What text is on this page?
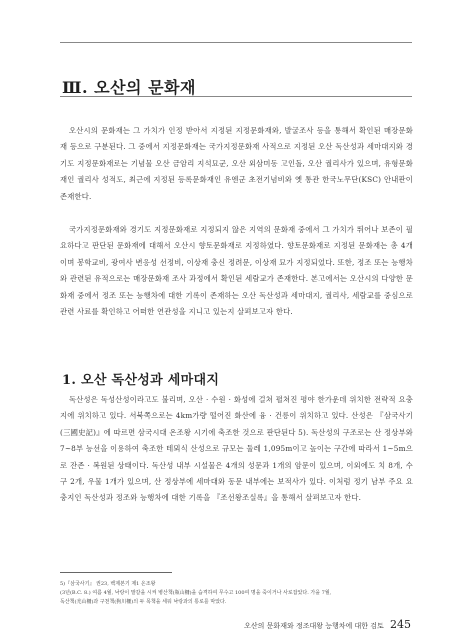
Ⅲ. 오산의 문화재

오산시의 문화재는 그 가치가 인정 받아서 지정된 지정문화재와, 발굴조사 등을 통해서 확인된 매장문화재 등으로 구분된다. 그 중에서 지정문화재는 국가지정문화재 사적으로 지정된 오산 독산성과 세마대지와 경기도 지정문화재로는 기념물 오산 금암리 지석묘군, 오산 외삼미동 고인돌, 오산 궐리사가 있으며, 유형문화재인 궐리사 성적도, 최근에 지정된 등록문화재인 유엔군 초전기념비와 옛 통관 한국노무단(KSC) 안내판이 존재한다.

국가지정문화재와 경기도 지정문화재로 지정되지 않은 지역의 문화재 중에서 그 가치가 뛰어나 보존이 필요하다고 판단된 문화재에 대해서 오산시 향토문화재로 지정하였다. 향토문화재로 지정된 문화재는 총 4개이며 봉학교비, 광여사 변응성 선정비, 이상재 충신 정려문, 이상재 묘가 지정되었다. 또한, 정조 또는 능행차와 관련된 유적으로는 매장문화재 조사 과정에서 확인된 세람교가 존재한다. 본고에서는 오산시의 다양한 문화재 중에서 정조 또는 능행차에 대한 기록이 존재하는 오산 독산성과 세마대지, 궐리사, 세람교를 중심으로 관련 사료를 확인하고 어떠한 연관성을 지니고 있는지 살펴보고자 한다.

1. 오산 독산성과 세마대지

독산성은 독성산성이라고도 불리며, 오산 · 수원 · 화성에 걸쳐 펼쳐진 평야 한가운데 위치한 전략적 요충지에 위치하고 있다. 서북쪽으로는 4km가량 떨어진 화산에 융 · 건릉이 위치하고 있다. 산성은 『삼국사기(三國史記)』에 따르면 삼국시대 온조왕 시기에 축조한 것으로 판단된다 5). 독산성의 구조로는 산 정상부와 7~8부 능선을 이용하여 축조한 테뫼식 산성으로 규모는 둘레 1,095m이고 높이는 구간에 따라서 1~5m으로 잔존 · 복원된 상태이다. 독산성 내부 시설물은 4개의 성문과 1개의 암문이 있으며, 이외에도 치 8개, 수구 2개, 우물 1개가 있으며, 산 정상부에 세마대와 동문 내부에는 보적사가 있다. 이처럼 정기 남부 주요 요충지인 독산성과 정조와 능행차에 대한 기록을 『조선왕조실록』을 통해서 살펴보고자 한다.

5)『삼국사기』 권23, 백제본기 제1 온조왕
(3년(B.C. 8.) 여름 4월, 낙랑이 말갈을 시켜 병산책(瓶山柵)을 습격하여 무수고 100여 명을 죽이거나 사로잡았다. 가을 7월,
독산책(禿山柵)과 구천책(狗川柵)의 두 목책을 세워 낙랑과의 통로를 막았다.
오산의 문화재와 정조대왕 능행차에 대한 검토 245
